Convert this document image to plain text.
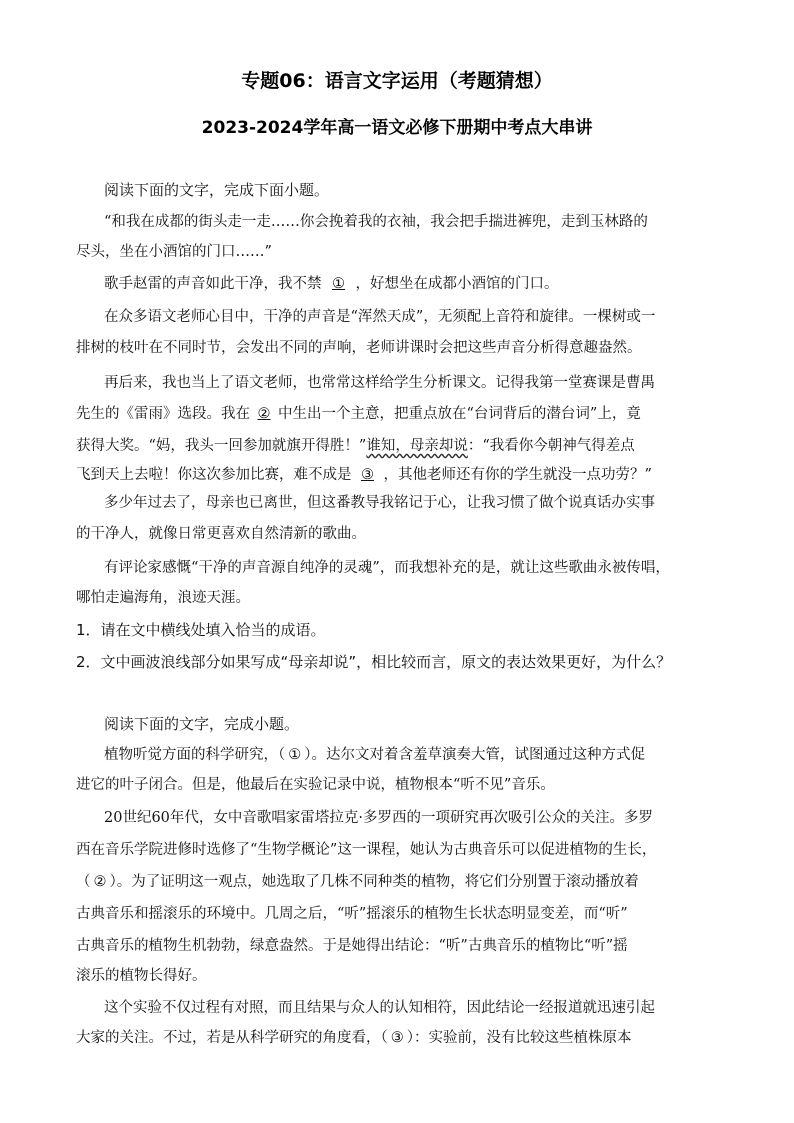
专题06：语言文字运用（考题猜想）
2023-2024学年高一语文必修下册期中考点大串讲
阅读下面的文字，完成下面小题。
“和我在成都的街头走一走……你会挽着我的衣袖，我会把手揣进裤兜，走到玉林路的
尽头，坐在小酒馆的门口……”
歌手赵雷的声音如此干净，我不禁 ① ，好想坐在成都小酒馆的门口。
在众多语文老师心目中，干净的声音是“浑然天成”，无须配上音符和旋律。一棵树或一
排树的枝叶在不同时节，会发出不同的声响，老师讲课时会把这些声音分析得意趣盎然。
再后来，我也当上了语文老师，也常常这样给学生分析课文。记得我第一堂赛课是曹禺
先生的《雷雨》选段。我在 ② 中生出一个主意，把重点放在“台词背后的潜台词”上，竟
获得大奖。“妈，我头一回参加就旗开得胜！”谁知，母亲却说：“我看你今朝神气得差点
飞到天上去啦！你这次参加比赛，难不成是 ③ ，其他老师还有你的学生就没一点功劳？”
多少年过去了，母亲也已离世，但这番教导我铭记于心，让我习惯了做个说真话办实事
的干净人，就像日常更喜欢自然清新的歌曲。
有评论家感慨“干净的声音源自纯净的灵魂”，而我想补充的是，就让这些歌曲永被传唱，
哪怕走遍海角，浪迹天涯。
1．请在文中横线处填入恰当的成语。
2．文中画波浪线部分如果写成“母亲却说”，相比较而言，原文的表达效果更好，为什么？
阅读下面的文字，完成小题。
植物听觉方面的科学研究，（ ① ）。达尔文对着含羞草演奏大管，试图通过这种方式促
进它的叶子闭合。但是，他最后在实验记录中说，植物根本“听不见”音乐。
20世纪60年代，女中音歌唱家雷塔拉克·多罗西的一项研究再次吸引公众的关注。多罗
西在音乐学院进修时选修了“生物学概论”这一课程，她认为古典音乐可以促进植物的生长，
（ ② ）。为了证明这一观点，她选取了几株不同种类的植物，将它们分别置于滚动播放着
古典音乐和摇滚乐的环境中。几周之后，“听”摇滚乐的植物生长状态明显变差，而“听”
古典音乐的植物生机勃勃，绿意盎然。于是她得出结论：“听”古典音乐的植物比“听”摇
滚乐的植物长得好。
这个实验不仅过程有对照，而且结果与众人的认知相符，因此结论一经报道就迅速引起
大家的关注。不过，若是从科学研究的角度看，（ ③ ）：实验前，没有比较这些植株原本
